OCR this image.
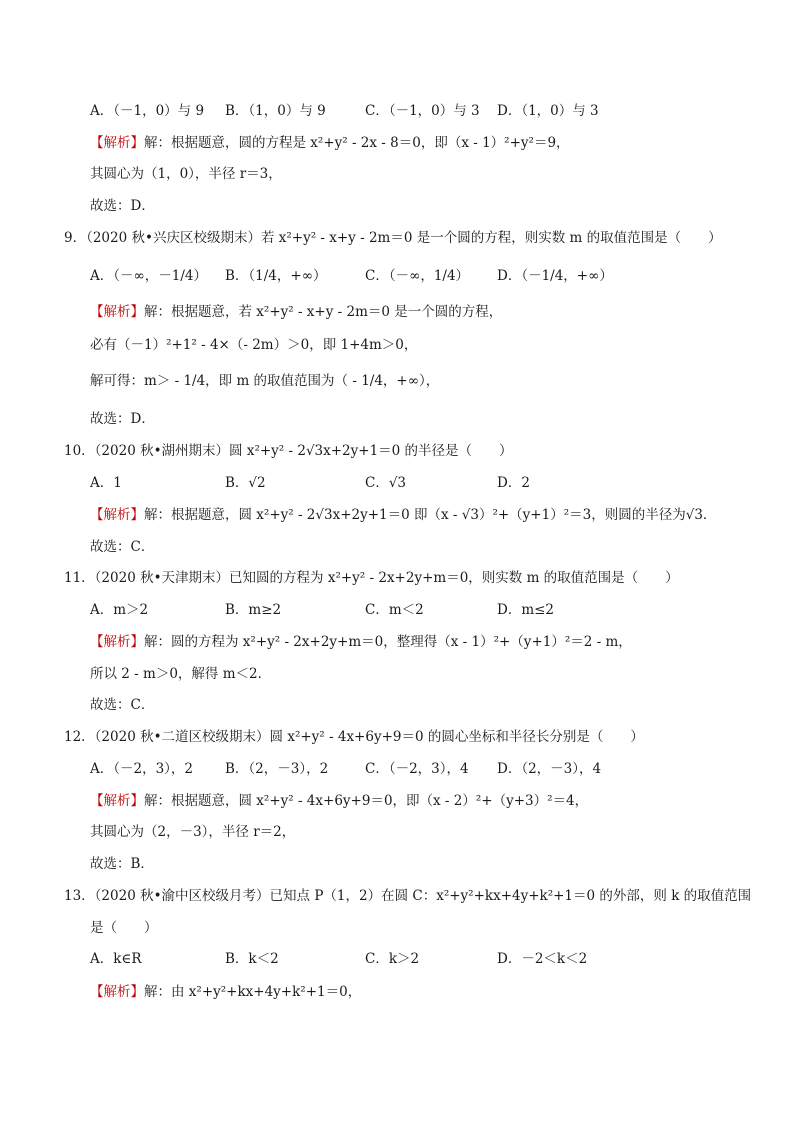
A．（－1，0）与 9 B．（1，0）与 9	C．（－1，0）与 3 D．（1，0）与 3
【解析】解：根据题意，圆的方程是 x²+y² - 2x - 8＝0，即（x - 1）²+y²＝9，
其圆心为（1，0），半径 r＝3，
故选：D．
9．（2020 秋•兴庆区校级期末）若 x²+y² - x+y - 2m＝0 是一个圆的方程，则实数 m 的取值范围是（　　）
A．（－∞，－1/4） B．（1/4，+∞）	C．（－∞，1/4） D．（－1/4，+∞）
【解析】解：根据题意，若 x²+y² - x+y - 2m＝0 是一个圆的方程，
必有（－1）²+1² - 4×（- 2m）＞0，即 1+4m＞0，
解可得：m＞ - 1/4，即 m 的取值范围为（ - 1/4，+∞），
故选：D．
10．（2020 秋•湖州期末）圆 x²+y² - 2√3x+2y+1＝0 的半径是（　　）
A．1	B．√2	C．√3	D．2
【解析】解：根据题意，圆 x²+y² - 2√3x+2y+1＝0 即（x - √3）²+（y+1）²＝3，则圆的半径为√3．
故选：C．
11．（2020 秋•天津期末）已知圆的方程为 x²+y² - 2x+2y+m＝0，则实数 m 的取值范围是（　　）
A．m＞2	B．m≥2	C．m＜2	D．m≤2
【解析】解：圆的方程为 x²+y² - 2x+2y+m＝0，整理得（x - 1）²+（y+1）²＝2 - m，
所以 2 - m＞0，解得 m＜2．
故选：C．
12．（2020 秋•二道区校级期末）圆 x²+y² - 4x+6y+9＝0 的圆心坐标和半径长分别是（　　）
A．（－2，3），2 B．（2，－3），2	C．（－2，3），4 D．（2，－3），4
【解析】解：根据题意，圆 x²+y² - 4x+6y+9＝0，即（x - 2）²+（y+3）²＝4，
其圆心为（2，－3），半径 r＝2，
故选：B．
13．（2020 秋•渝中区校级月考）已知点 P（1，2）在圆 C：x²+y²+kx+4y+k²+1＝0 的外部，则 k 的取值范围
是（　　）
A．k∈R	B．k＜2	C．k＞2	D．－2＜k＜2
【解析】解：由 x²+y²+kx+4y+k²+1＝0，
